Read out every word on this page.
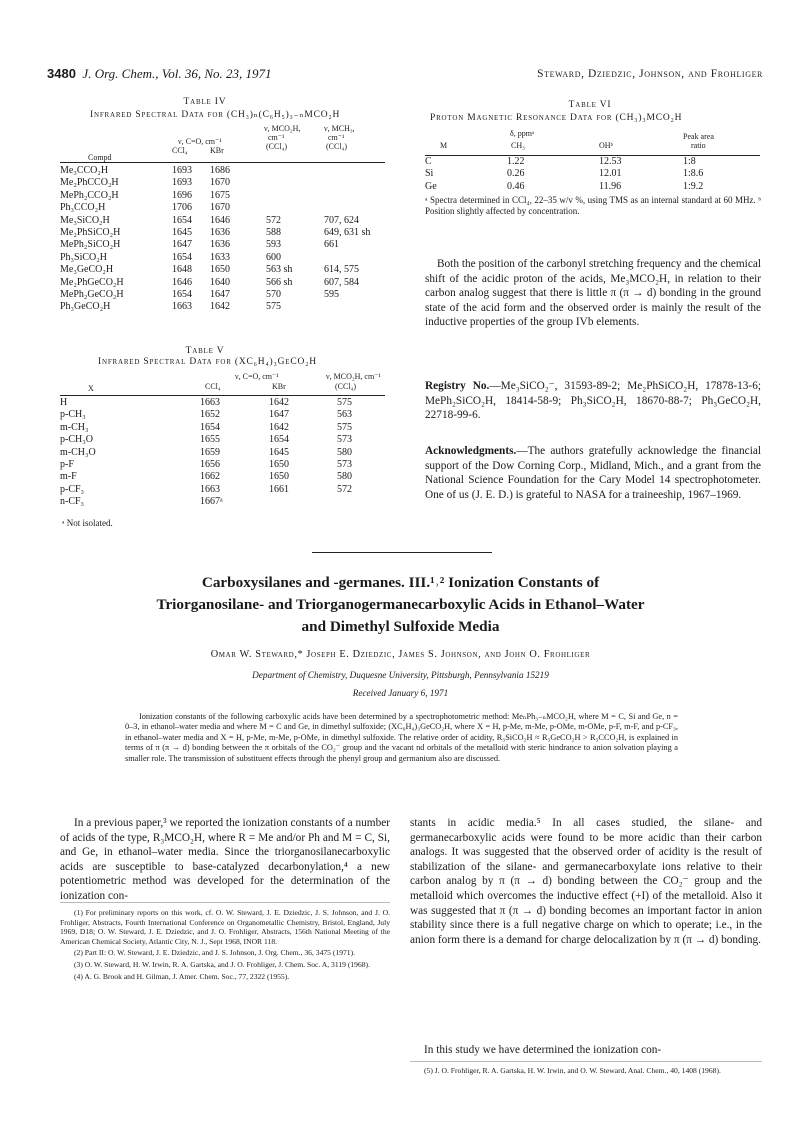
3480 J. Org. Chem., Vol. 36, No. 23, 1971	Steward, Dziedzic, Johnson, and Frohliger
Table IV
Infrared Spectral Data for (CH₃)ₙ(C₆H₅)₃₋ₙMCO₂H
ν, MCO₂H,
cm⁻¹
(CCl₄)
ν, MCH₃,
cm⁻¹
(CCl₄)
ν, C=O, cm⁻¹
CCl₄	KBr
Compd
Me₃CCO₂H	1693	1686		
Me₂PhCCO₂H	1693	1670		
MePh₂CCO₂H	1696	1675		
Ph₃CCO₂H	1706	1670		
Me₃SiCO₂H	1654	1646	572	707, 624
Me₂PhSiCO₂H	1645	1636	588	649, 631 sh
MePh₂SiCO₂H	1647	1636	593	661
Ph₃SiCO₂H	1654	1633	600	
Me₃GeCO₂H	1648	1650	563 sh	614, 575
Me₂PhGeCO₂H	1646	1640	566 sh	607, 584
MePh₂GeCO₂H	1654	1647	570	595
Ph₃GeCO₂H	1663	1642	575	
Table V
Infrared Spectral Data for (XC₆H₄)₃GeCO₂H
ν, C=O, cm⁻¹	ν, MCO₂H, cm⁻¹
CCl₄	KBr	(CCl₄)
X
H	1663	1642	575
p-CH₃	1652	1647	563
m-CH₃	1654	1642	575
p-CH₃O	1655	1654	573
m-CH₃O	1659	1645	580
p-F	1656	1650	573
m-F	1662	1650	580
p-CF₃	1663	1661	572
n-CF₃	1667ᵃ		
ᵃ Not isolated.
Table VI
Proton Magnetic Resonance Data for (CH₃)₃MCO₂H
δ, ppmᵃ	Peak area
M	CH₃	OHᵇ	ratio
C	1.22	12.53	1:8
Si	0.26	12.01	1:8.6
Ge	0.46	11.96	1:9.2
ᵃ Spectra determined in CCl₄, 22–35 w/v %, using TMS as an internal standard at 60 MHz. ᵇ Position slightly affected by concentration.
Both the position of the carbonyl stretching frequency and the chemical shift of the acidic proton of the acids, Me₃MCO₂H, in relation to their carbon analog suggest that there is little π (π → d) bonding in the ground state of the acid form and the observed order is mainly the result of the inductive properties of the group IVb elements.
Registry No.—Me₃SiCO₂⁻, 31593-89-2; Me₂PhSiCO₂H, 17878-13-6; MePh₂SiCO₂H, 18414-58-9; Ph₃SiCO₂H, 18670-88-7; Ph₃GeCO₂H, 22718-99-6.
Acknowledgments.—The authors gratefully acknowledge the financial support of the Dow Corning Corp., Midland, Mich., and a grant from the National Science Foundation for the Cary Model 14 spectrophotometer. One of us (J. E. D.) is grateful to NASA for a traineeship, 1967–1969.
Carboxysilanes and -germanes. III.¹˒² Ionization Constants of
Triorganosilane- and Triorganogermanecarboxylic Acids in Ethanol–Water
and Dimethyl Sulfoxide Media
Omar W. Steward,* Joseph E. Dziedzic, James S. Johnson, and John O. Frohliger
Department of Chemistry, Duquesne University, Pittsburgh, Pennsylvania 15219
Received January 6, 1971
Ionization constants of the following carboxylic acids have been determined by a spectrophotometric method: MeₙPh₃₋ₙMCO₂H, where M = C, Si and Ge, n = 0–3, in ethanol–water media and where M = C and Ge, in dimethyl sulfoxide; (XC₆H₄)₃GeCO₂H, where X = H, p-Me, m-Me, p-OMe, m-OMe, p-F, m-F, and p-CF₃, in ethanol–water media and X = H, p-Me, m-Me, p-OMe, in dimethyl sulfoxide. The relative order of acidity, R₃SiCO₂H ≈ R₃GeCO₂H > R₃CCO₂H, is explained in terms of π (π → d) bonding between the π orbitals of the CO₂⁻ group and the vacant nd orbitals of the metalloid with steric hindrance to anion solvation playing a smaller role. The transmission of substituent effects through the phenyl group and germanium also are discussed.
In a previous paper,³ we reported the ionization constants of a number of acids of the type, R₃MCO₂H, where R = Me and/or Ph and M = C, Si, and Ge, in ethanol–water media. Since the triorganosilanecarboxylic acids are susceptible to base-catalyzed decarbonylation,⁴ a new potentiometric method was developed for the determination of the ionization con-
stants in acidic media.⁵ In all cases studied, the silane- and germanecarboxylic acids were found to be more acidic than their carbon analogs. It was suggested that the observed order of acidity is the result of stabilization of the silane- and germanecarboxylate ions relative to their carbon analog by π (π → d) bonding between the CO₂⁻ group and the metalloid which overcomes the inductive effect (+I) of the metalloid. Also it was suggested that π (π → d) bonding becomes an important factor in anion stability since there is a full negative charge on which to operate; i.e., in the anion form there is a demand for charge delocalization by π (π → d) bonding.
In this study we have determined the ionization con-
(1) For preliminary reports on this work, cf. O. W. Steward, J. E. Dziedzic, J. S. Johnson, and J. O. Frohliger, Abstracts, Fourth International Conference on Organometallic Chemistry, Bristol, England, July 1969, D18; O. W. Steward, J. E. Dziedzic, and J. O. Frohliger, Abstracts, 156th National Meeting of the American Chemical Society, Atlantic City, N. J., Sept 1968, INOR 118.
(2) Part II: O. W. Steward, J. E. Dziedzic, and J. S. Johnson, J. Org. Chem., 36, 3475 (1971).
(3) O. W. Steward, H. W. Irwin, R. A. Gartska, and J. O. Frohliger, J. Chem. Soc. A, 3119 (1968).
(4) A. G. Brook and H. Gilman, J. Amer. Chem. Soc., 77, 2322 (1955).
(5) J. O. Frohliger, R. A. Gartska, H. W. Irwin, and O. W. Steward, Anal. Chem., 40, 1408 (1968).
